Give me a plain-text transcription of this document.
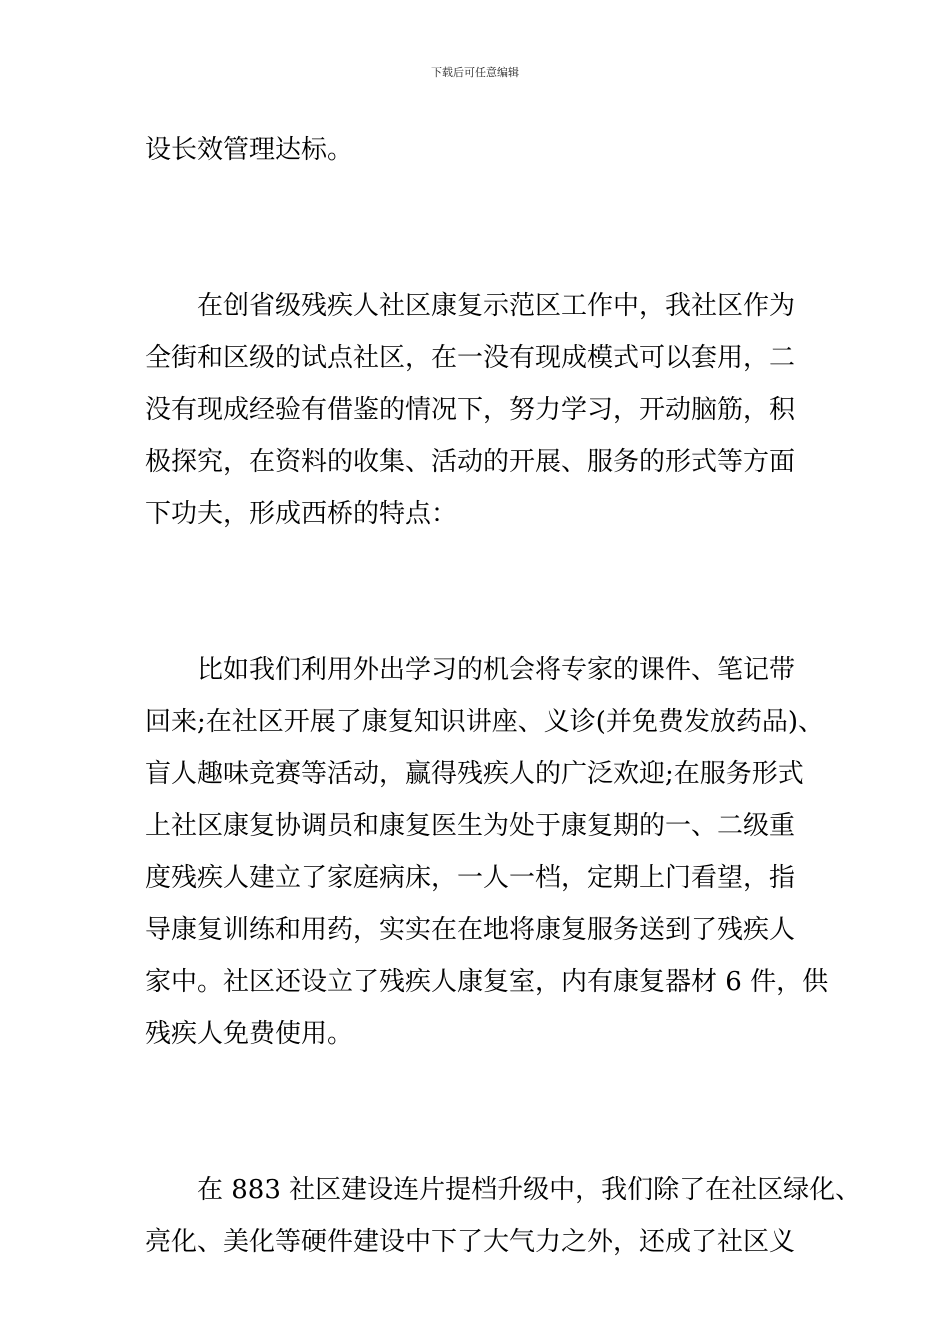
下载后可任意编辑
设长效管理达标。
在创省级残疾人社区康复示范区工作中，我社区作为
全街和区级的试点社区，在一没有现成模式可以套用，二
没有现成经验有借鉴的情况下，努力学习，开动脑筋，积
极探究，在资料的收集、活动的开展、服务的形式等方面
下功夫，形成西桥的特点：
比如我们利用外出学习的机会将专家的课件、笔记带
回来;在社区开展了康复知识讲座、义诊(并免费发放药品)、
盲人趣味竞赛等活动，赢得残疾人的广泛欢迎;在服务形式
上社区康复协调员和康复医生为处于康复期的一、二级重
度残疾人建立了家庭病床，一人一档，定期上门看望，指
导康复训练和用药，实实在在地将康复服务送到了残疾人
家中。社区还设立了残疾人康复室，内有康复器材 6 件，供
残疾人免费使用。
在 883 社区建设连片提档升级中，我们除了在社区绿化、
亮化、美化等硬件建设中下了大气力之外，还成了社区义
